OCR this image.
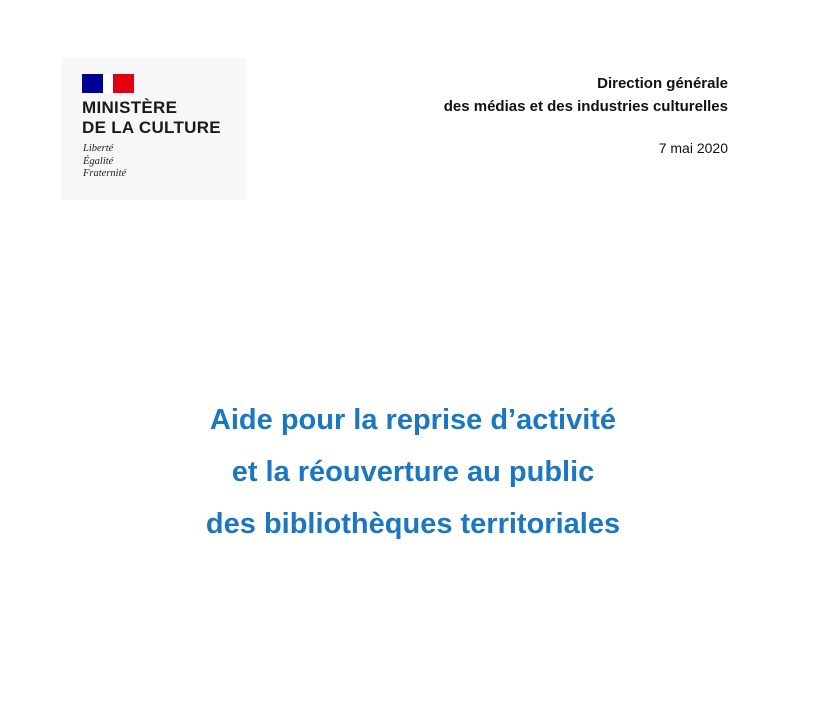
MINISTÈRE
DE LA CULTURE
Liberté
Égalité
Fraternité
Direction générale
des médias et des industries culturelles
7 mai 2020
Aide pour la reprise d’activité
et la réouverture au public
des bibliothèques territoriales
